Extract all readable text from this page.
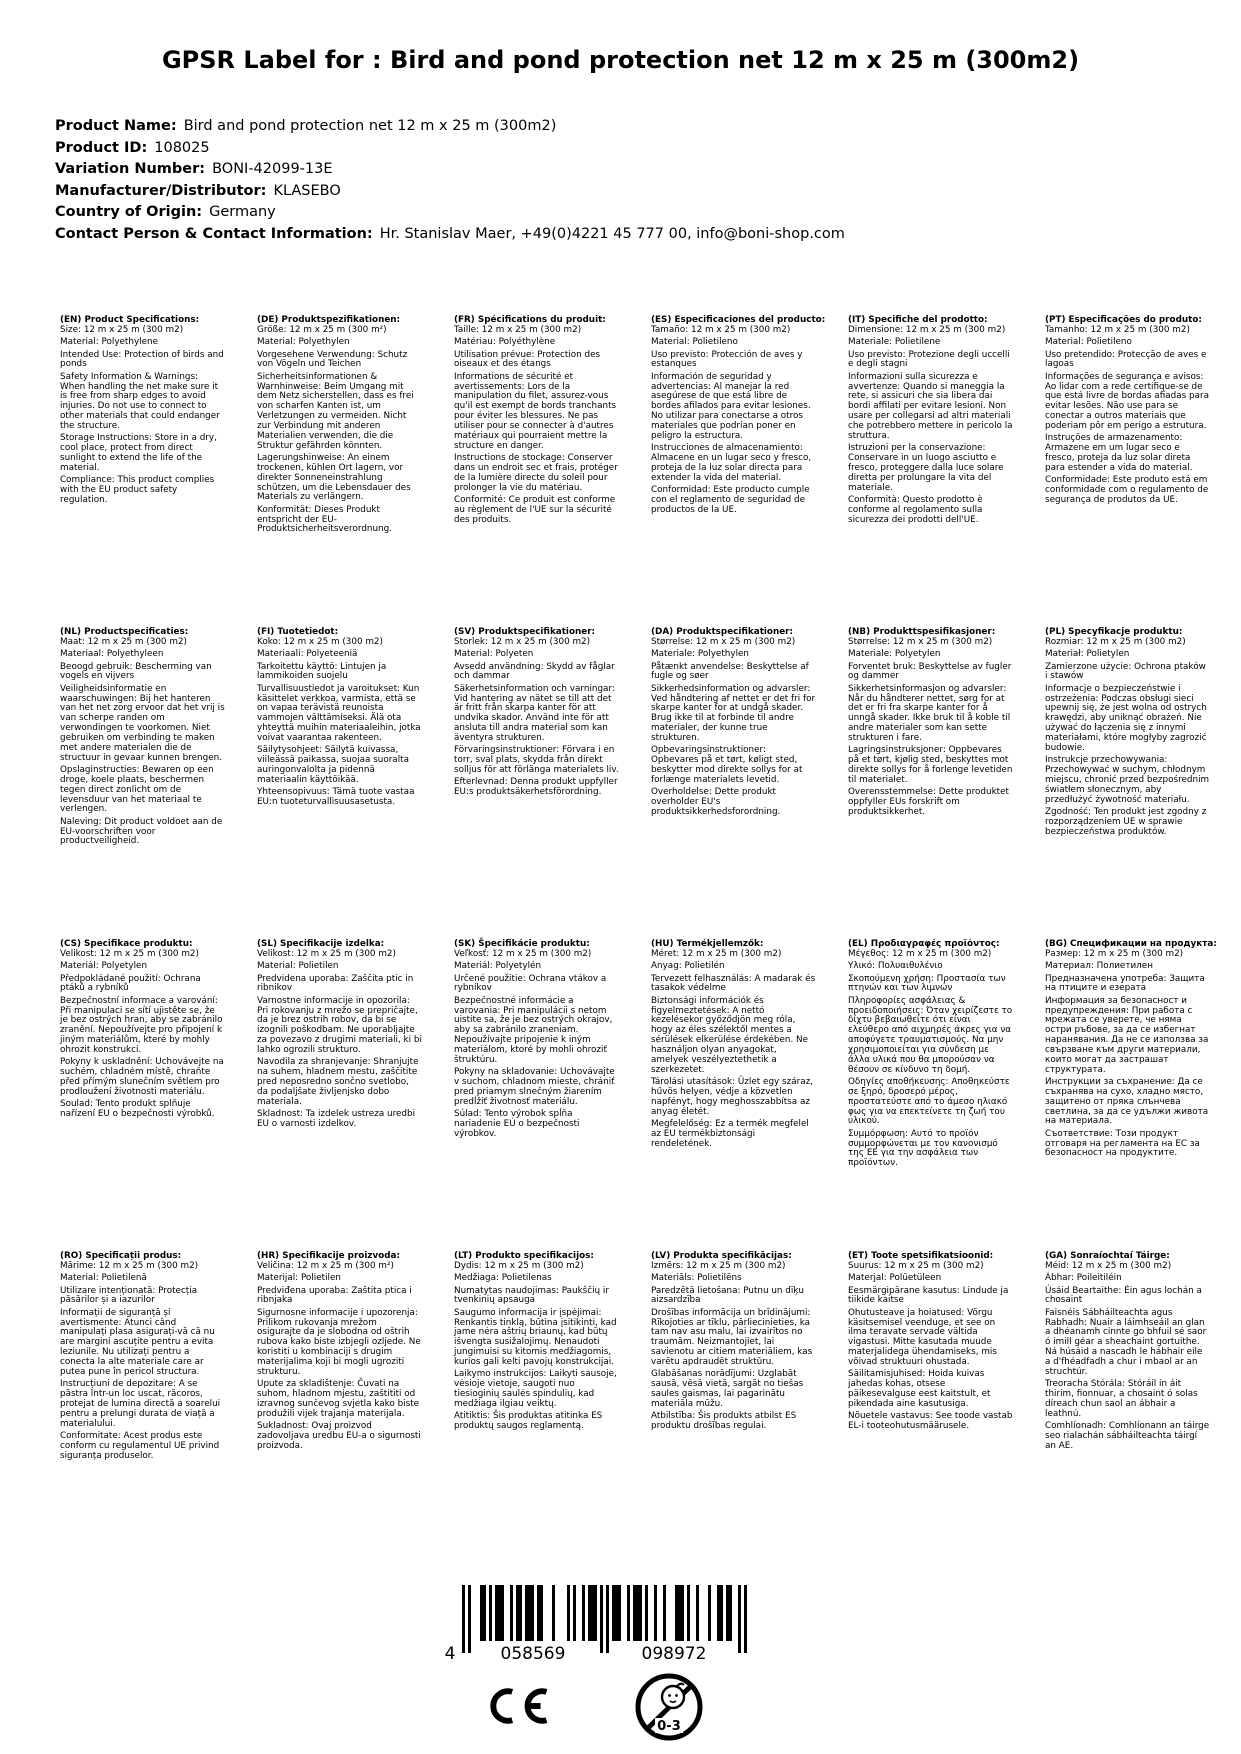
GPSR Label for : Bird and pond protection net 12 m x 25 m (300m2)
Product Name: Bird and pond protection net 12 m x 25 m (300m2)
Product ID: 108025
Variation Number: BONI-42099-13E
Manufacturer/Distributor: KLASEBO
Country of Origin: Germany
Contact Person & Contact Information: Hr. Stanislav Maer, +49(0)4221 45 777 00, info@boni-shop.com
(EN) Product Specifications:

Size: 12 m x 25 m (300 m2)

Material: Polyethylene

Intended Use: Protection of birds and ponds

Safety Information & Warnings: When handling the net make sure it is free from sharp edges to avoid injuries. Do not use to connect to other materials that could endanger the structure.

Storage Instructions: Store in a dry, cool place, protect from direct sunlight to extend the life of the material.

Compliance: This product complies with the EU product safety regulation.

(DE) Produktspezifikationen:

Größe: 12 m x 25 m (300 m²)

Material: Polyethylen

Vorgesehene Verwendung: Schutz von Vögeln und Teichen

Sicherheitsinformationen & Warnhinweise: Beim Umgang mit dem Netz sicherstellen, dass es frei von scharfen Kanten ist, um Verletzungen zu vermeiden. Nicht zur Verbindung mit anderen Materialien verwenden, die die Struktur gefährden könnten.

Lagerungshinweise: An einem trockenen, kühlen Ort lagern, vor direkter Sonneneinstrahlung schützen, um die Lebensdauer des Materials zu verlängern.

Konformität: Dieses Produkt entspricht der EU-Produktsicherheitsverordnung.

(FR) Spécifications du produit:

Taille: 12 m x 25 m (300 m2)

Matériau: Polyéthylène

Utilisation prévue: Protection des oiseaux et des étangs

Informations de sécurité et avertissements: Lors de la manipulation du filet, assurez-vous qu'il est exempt de bords tranchants pour éviter les blessures. Ne pas utiliser pour se connecter à d'autres matériaux qui pourraient mettre la structure en danger.

Instructions de stockage: Conserver dans un endroit sec et frais, protéger de la lumière directe du soleil pour prolonger la vie du matériau.

Conformité: Ce produit est conforme au règlement de l'UE sur la sécurité des produits.

(ES) Especificaciones del producto:

Tamaño: 12 m x 25 m (300 m2)

Material: Polietileno

Uso previsto: Protección de aves y estanques

Información de seguridad y advertencias: Al manejar la red asegúrese de que está libre de bordes afilados para evitar lesiones. No utilizar para conectarse a otros materiales que podrían poner en peligro la estructura.

Instrucciones de almacenamiento: Almacene en un lugar seco y fresco, proteja de la luz solar directa para extender la vida del material.

Conformidad: Este producto cumple con el reglamento de seguridad de productos de la UE.

(IT) Specifiche del prodotto:

Dimensione: 12 m x 25 m (300 m2)

Materiale: Polietilene

Uso previsto: Protezione degli uccelli e degli stagni

Informazioni sulla sicurezza e avvertenze: Quando si maneggia la rete, si assicuri che sia libera dai bordi affilati per evitare lesioni. Non usare per collegarsi ad altri materiali che potrebbero mettere in pericolo la struttura.

Istruzioni per la conservazione: Conservare in un luogo asciutto e fresco, proteggere dalla luce solare diretta per prolungare la vita del materiale.

Conformità: Questo prodotto è conforme al regolamento sulla sicurezza dei prodotti dell'UE.

(PT) Especificações do produto:

Tamanho: 12 m x 25 m (300 m2)

Material: Polietileno

Uso pretendido: Protecção de aves e lagoas

Informações de segurança e avisos: Ao lidar com a rede certifique-se de que está livre de bordas afiadas para evitar lesões. Não use para se conectar a outros materiais que poderiam pôr em perigo a estrutura.

Instruções de armazenamento: Armazene em um lugar seco e fresco, proteja da luz solar direta para estender a vida do material.

Conformidade: Este produto está em conformidade com o regulamento de segurança de produtos da UE.

(NL) Productspecificaties:

Maat: 12 m x 25 m (300 m2)

Materiaal: Polyethyleen

Beoogd gebruik: Bescherming van vogels en vijvers

Veiligheidsinformatie en waarschuwingen: Bij het hanteren van het net zorg ervoor dat het vrij is van scherpe randen om verwondingen te voorkomen. Niet gebruiken om verbinding te maken met andere materialen die de structuur in gevaar kunnen brengen.

Opslaginstructies: Bewaren op een droge, koele plaats, beschermen tegen direct zonlicht om de levensduur van het materiaal te verlengen.

Naleving: Dit product voldoet aan de EU-voorschriften voor productveiligheid.

(FI) Tuotetiedot:

Koko: 12 m x 25 m (300 m2)

Materiaali: Polyeteeniä

Tarkoitettu käyttö: Lintujen ja lammikoiden suojelu

Turvallisuustiedot ja varoitukset: Kun käsittelet verkkoa, varmista, että se on vapaa terävistä reunoista vammojen välttämiseksi. Älä ota yhteyttä muihin materiaaleihin, jotka voivat vaarantaa rakenteen.

Säilytysohjeet: Säilytä kuivassa, viileässä paikassa, suojaa suoralta auringonvalolta ja pidennä materiaalin käyttöikää.

Yhteensopivuus: Tämä tuote vastaa EU:n tuoteturvallisuusasetusta.

(SV) Produktspecifikationer:

Storlek: 12 m x 25 m (300 m2)

Material: Polyeten

Avsedd användning: Skydd av fåglar och dammar

Säkerhetsinformation och varningar: Vid hantering av nätet se till att det är fritt från skarpa kanter för att undvika skador. Använd inte för att ansluta till andra material som kan äventyra strukturen.

Förvaringsinstruktioner: Förvara i en torr, sval plats, skydda från direkt solljus för att förlänga materialets liv.

Efterlevnad: Denna produkt uppfyller EU:s produktsäkerhetsförordning.

(DA) Produktspecifikationer:

Størrelse: 12 m x 25 m (300 m2)

Materiale: Polyethylen

Påtænkt anvendelse: Beskyttelse af fugle og søer

Sikkerhedsinformation og advarsler: Ved håndtering af nettet er det fri for skarpe kanter for at undgå skader. Brug ikke til at forbinde til andre materialer, der kunne true strukturen.

Opbevaringsinstruktioner: Opbevares på et tørt, køligt sted, beskytter mod direkte sollys for at forlænge materialets levetid.

Overholdelse: Dette produkt overholder EU's produktsikkerhedsforordning.

(NB) Produkttspesifikasjoner:

Størrelse: 12 m x 25 m (300 m2)

Materiale: Polyetylen

Forventet bruk: Beskyttelse av fugler og dammer

Sikkerhetsinformasjon og advarsler: Når du håndterer nettet, sørg for at det er fri fra skarpe kanter for å unngå skader. Ikke bruk til å koble til andre materialer som kan sette strukturen i fare.

Lagringsinstruksjoner: Oppbevares på et tørt, kjølig sted, beskyttes mot direkte sollys for å forlenge levetiden til materialet.

Overensstemmelse: Dette produktet oppfyller EUs forskrift om produktsikkerhet.

(PL) Specyfikacje produktu:

Rozmiar: 12 m x 25 m (300 m2)

Materiał: Polietylen

Zamierzone użycie: Ochrona ptaków i stawów

Informacje o bezpieczeństwie i ostrzeżenia: Podczas obsługi sieci upewnij się, że jest wolna od ostrych krawędzi, aby uniknąć obrażeń. Nie używać do łączenia się z innymi materiałami, które mogłyby zagrozić budowie.

Instrukcje przechowywania: Przechowywać w suchym, chłodnym miejscu, chronić przed bezpośrednim światłem słonecznym, aby przedłużyć żywotność materiału.

Zgodność: Ten produkt jest zgodny z rozporządzeniem UE w sprawie bezpieczeństwa produktów.

(CS) Specifikace produktu:

Velikost: 12 m x 25 m (300 m2)

Materiál: Polyetylen

Předpokládané použití: Ochrana ptáků a rybníků

Bezpečnostní informace a varování: Při manipulaci se sítí ujistěte se, že je bez ostrých hran, aby se zabránilo zranění. Nepoužívejte pro připojení k jiným materiálům, které by mohly ohrozit konstrukci.

Pokyny k uskladnění: Uchovávejte na suchém, chladném místě, chraňte před přímým slunečním světlem pro prodloužení životnosti materiálu.

Soulad: Tento produkt splňuje nařízení EU o bezpečnosti výrobků.

(SL) Specifikacije izdelka:

Velikost: 12 m x 25 m (300 m2)

Material: Polietilen

Predvidena uporaba: Zaščita ptic in ribnikov

Varnostne informacije in opozorila: Pri rokovanju z mrežo se prepričajte, da je brez ostrih robov, da bi se izognili poškodbam. Ne uporabljajte za povezavo z drugimi materiali, ki bi lahko ogrozili strukturo.

Navodila za shranjevanje: Shranjujte na suhem, hladnem mestu, zaščitite pred neposredno sončno svetlobo, da podaljšate življenjsko dobo materiala.

Skladnost: Ta izdelek ustreza uredbi EU o varnosti izdelkov.

(SK) Špecifikácie produktu:

Veľkosť: 12 m x 25 m (300 m2)

Materiál: Polyetylén

Určené použitie: Ochrana vtákov a rybníkov

Bezpečnostné informácie a varovania: Pri manipulácii s netom uistite sa, že je bez ostrých okrajov, aby sa zabránilo zraneniam. Nepoužívajte pripojenie k iným materiálom, ktoré by mohli ohroziť štruktúru.

Pokyny na skladovanie: Uchovávajte v suchom, chladnom mieste, chrániť pred priamym slnečným žiarením predĺžiť životnosť materiálu.

Súlad: Tento výrobok spĺňa nariadenie EÚ o bezpečnosti výrobkov.

(HU) Termékjellemzők:

Méret: 12 m x 25 m (300 m2)

Anyag: Polietilén

Tervezett felhasználás: A madarak és tasakok védelme

Biztonsági információk és figyelmeztetések: A nettó kezelésekor győződjön meg róla, hogy az éles szélektől mentes a sérülések elkerülése érdekében. Ne használjon olyan anyagokat, amelyek veszélyeztethetik a szerkezetet.

Tárolási utasítások: Üzlet egy száraz, hűvös helyen, védje a közvetlen napfényt, hogy meghosszabbítsa az anyag életét.

Megfelelőség: Ez a termék megfelel az EU termékbiztonsági rendeletének.

(EL) Προδιαγραφές προϊόντος:

Μέγεθος: 12 m x 25 m (300 m2)

Υλικό: Πολυαιθυλένιο

Σκοπούμενη χρήση: Προστασία των πτηνών και των λιμνών

Πληροφορίες ασφάλειας & προειδοποιήσεις: Όταν χειρίζεστε το δίχτυ βεβαιωθείτε ότι είναι ελεύθερο από αιχμηρές άκρες για να αποφύγετε τραυματισμούς. Να μην χρησιμοποιείται για σύνδεση με άλλα υλικά που θα μπορούσαν να θέσουν σε κίνδυνο τη δομή.

Οδηγίες αποθήκευσης: Αποθηκεύστε σε ξηρό, δροσερό μέρος, προστατεύστε από το άμεσο ηλιακό φως για να επεκτείνετε τη ζωή του υλικού.

Συμμόρφωση: Αυτό το προϊόν συμμορφώνεται με τον κανονισμό της ΕΕ για την ασφάλεια των προϊόντων.

(BG) Спецификации на продукта:

Размер: 12 m x 25 m (300 m2)

Материал: Полиетилен

Предназначена употреба: Защита на птиците и езерата

Информация за безопасност и предупреждения: При работа с мрежата се уверете, че няма остри ръбове, за да се избегнат наранявания. Да не се използва за свързване към други материали, които могат да застрашат структурата.

Инструкции за съхранение: Да се съхранява на сухо, хладно място, защитено от пряка слънчева светлина, за да се удължи живота на материала.

Съответствие: Този продукт отговаря на регламента на ЕС за безопасност на продуктите.

(RO) Specificații produs:

Mărime: 12 m x 25 m (300 m2)

Material: Polietilenă

Utilizare intenționată: Protecția păsărilor și a iazurilor

Informații de siguranță și avertismente: Atunci când manipulați plasa asigurați-vă că nu are margini ascuțite pentru a evita leziunile. Nu utilizați pentru a conecta la alte materiale care ar putea pune în pericol structura.

Instrucțiuni de depozitare: A se păstra într-un loc uscat, răcoros, protejat de lumina directă a soarelui pentru a prelungi durata de viață a materialului.

Conformitate: Acest produs este conform cu regulamentul UE privind siguranța produselor.

(HR) Specifikacije proizvoda:

Veličina: 12 m x 25 m (300 m²)

Materijal: Polietilen

Predviđena uporaba: Zaštita ptica i ribnjaka

Sigurnosne informacije i upozorenja: Prilikom rukovanja mrežom osigurajte da je slobodna od oštrih rubova kako biste izbjegli ozljede. Ne koristiti u kombinaciji s drugim materijalima koji bi mogli ugroziti strukturu.

Upute za skladištenje: Čuvati na suhom, hladnom mjestu, zaštititi od izravnog sunčevog svjetla kako biste produžili vijek trajanja materijala.

Sukladnost: Ovaj proizvod zadovoljava uredbu EU-a o sigurnosti proizvoda.

(LT) Produkto specifikacijos:

Dydis: 12 m x 25 m (300 m2)

Medžiaga: Polietilenas

Numatytas naudojimas: Paukščių ir tvenkinių apsauga

Saugumo informacija ir įspėjimai: Renkantis tinklą, būtina įsitikinti, kad jame nėra aštrių briaunų, kad būtų išvengta susižalojimų. Nenaudoti jungimuisi su kitomis medžiagomis, kurios gali kelti pavojų konstrukcijai.

Laikymo instrukcijos: Laikyti sausoje, vėsioje vietoje, saugoti nuo tiesioginių saulės spindulių, kad medžiaga ilgiau veiktų.

Atitiktis: Šis produktas atitinka ES produktų saugos reglamentą.

(LV) Produkta specifikācijas:

Izmērs: 12 m x 25 m (300 m2)

Materiāls: Polietilēns

Paredzētā lietošana: Putnu un dīķu aizsardzība

Drošības informācija un brīdinājumi: Rīkojoties ar tīklu, pārliecinieties, ka tam nav asu malu, lai izvairītos no traumām. Neizmantojiet, lai savienotu ar citiem materiāliem, kas varētu apdraudēt struktūru.

Glabāšanas norādījumi: Uzglabāt sausā, vēsā vietā, sargāt no tiešas saules gaismas, lai pagarinātu materiāla mūžu.

Atbilstība: Šis produkts atbilst ES produktu drošības regulai.

(ET) Toote spetsifikatsioonid:

Suurus: 12 m x 25 m (300 m2)

Materjal: Polüetüleen

Eesmärgipärane kasutus: Lindude ja tiikide kaitse

Ohutusteave ja hoiatused: Võrgu käsitsemisel veenduge, et see on ilma teravate servade vältida vigastusi. Mitte kasutada muude materjalidega ühendamiseks, mis võivad struktuuri ohustada.

Säilitamisjuhised: Hoida kuivas jahedas kohas, otsese päikesevalguse eest kaitstult, et pikendada aine kasutusiga.

Nõuetele vastavus: See toode vastab EL-i tooteohutusmäärusele.

(GA) Sonraíochtaí Táirge:

Méid: 12 m x 25 m (300 m2)

Ábhar: Poileitiléin

Úsáid Beartaithe: Éin agus lochán a chosaint

Faisnéis Sábháilteachta agus Rabhadh: Nuair a láimhseáil an glan a dhéanamh cinnte go bhfuil sé saor ó imill géar a sheachaint gortuithe. Ná húsáid a nascadh le hábhair eile a d'fhéadfadh a chur i mbaol ar an struchtúr.

Treoracha Stórála: Stóráil in áit thirim, fionnuar, a chosaint ó solas díreach chun saol an ábhair a leathnú.

Comhlíonadh: Comhlíonann an táirge seo rialachán sábháilteachta táirgí an AE.

4	058569	098972
0-3
